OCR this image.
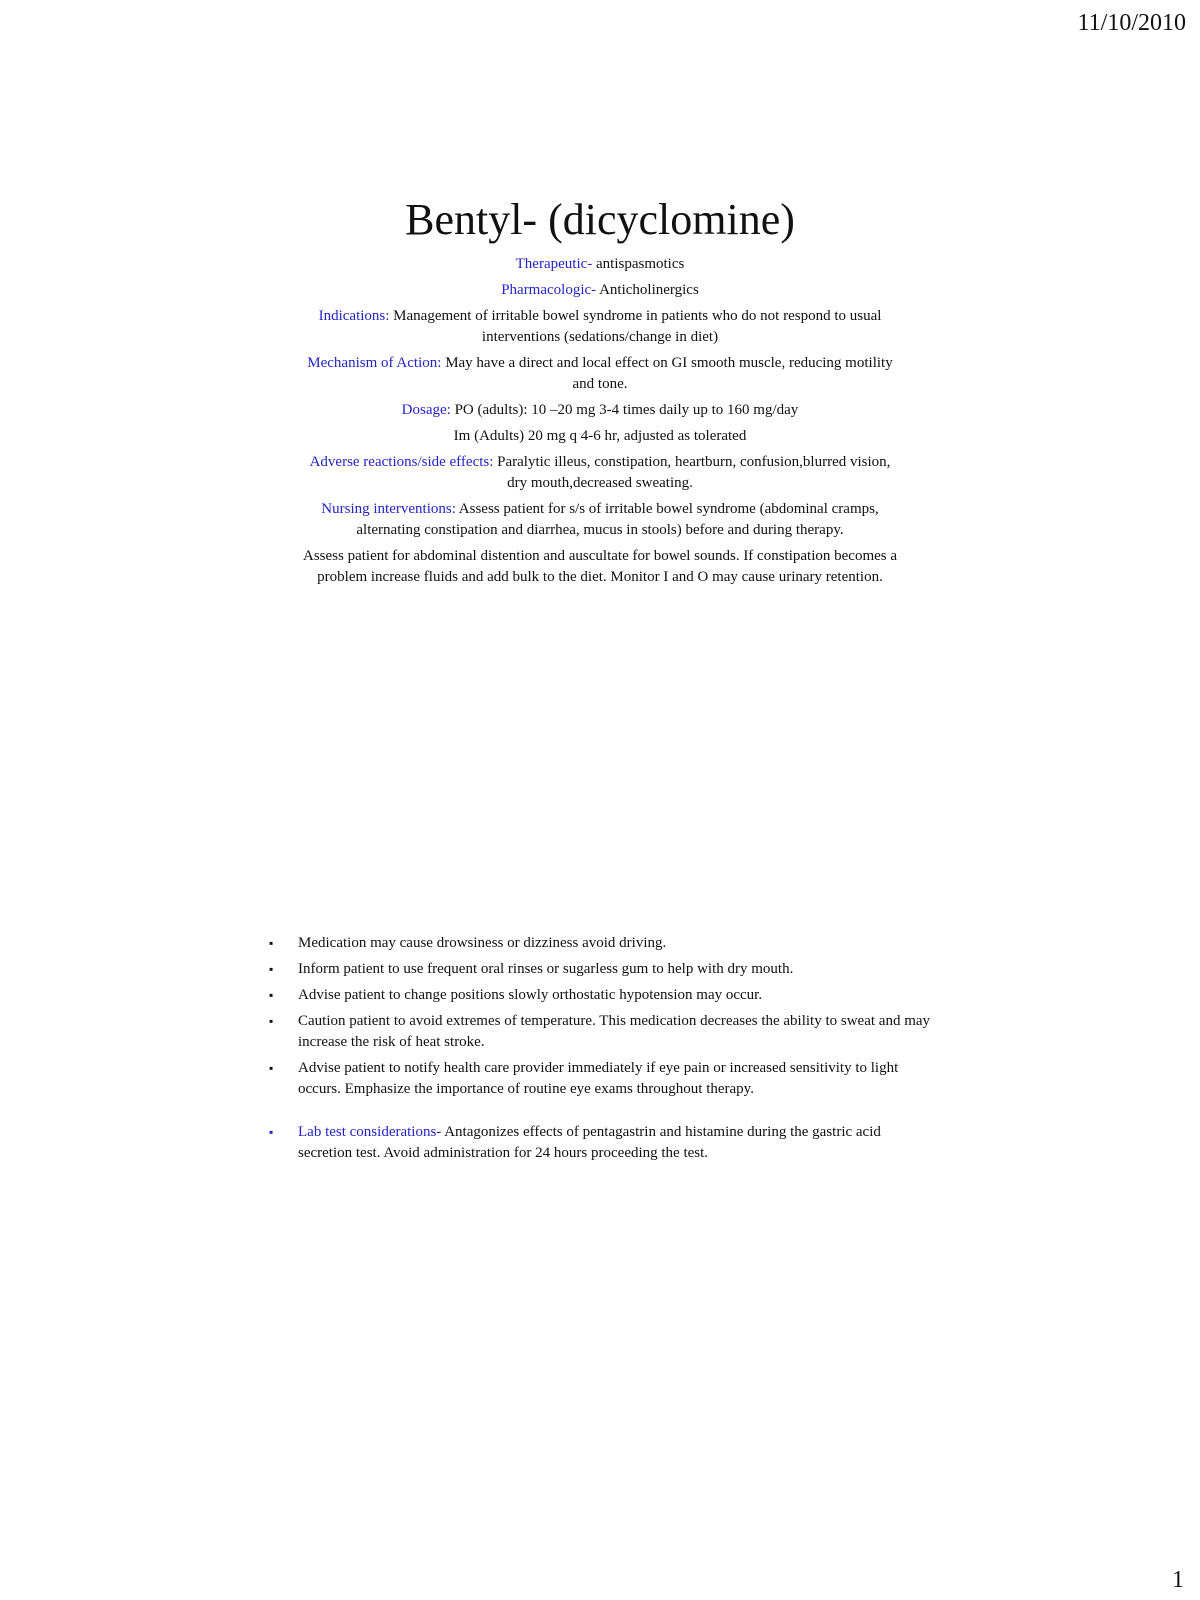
11/10/2010
Bentyl- (dicyclomine)

Therapeutic- antispasmotics

Pharmacologic- Anticholinergics

Indications: Management of irritable bowel syndrome in patients who do not respond to usual interventions (sedations/change in diet)

Mechanism of Action: May have a direct and local effect on GI smooth muscle, reducing motility and tone.

Dosage: PO (adults): 10 –20 mg 3-4 times daily up to 160 mg/day

Im (Adults) 20 mg q 4-6 hr, adjusted as tolerated

Adverse reactions/side effects: Paralytic illeus, constipation, heartburn, confusion,blurred vision, dry mouth,decreased sweating.

Nursing interventions: Assess patient for s/s of irritable bowel syndrome (abdominal cramps, alternating constipation and diarrhea, mucus in stools) before and during therapy.

Assess patient for abdominal distention and auscultate for bowel sounds. If constipation becomes a problem increase fluids and add bulk to the diet. Monitor I and O may cause urinary retention.

▪ Medication may cause drowsiness or dizziness avoid driving.
▪ Inform patient to use frequent oral rinses or sugarless gum to help with dry mouth.
▪ Advise patient to change positions slowly orthostatic hypotension may occur.
▪ Caution patient to avoid extremes of temperature. This medication decreases the ability to sweat and may increase the risk of heat stroke.
▪ Advise patient to notify health care provider immediately if eye pain or increased sensitivity to light occurs. Emphasize the importance of routine eye exams throughout therapy.
▪ Lab test considerations- Antagonizes effects of pentagastrin and histamine during the gastric acid secretion test. Avoid administration for 24 hours proceeding the test.
1
